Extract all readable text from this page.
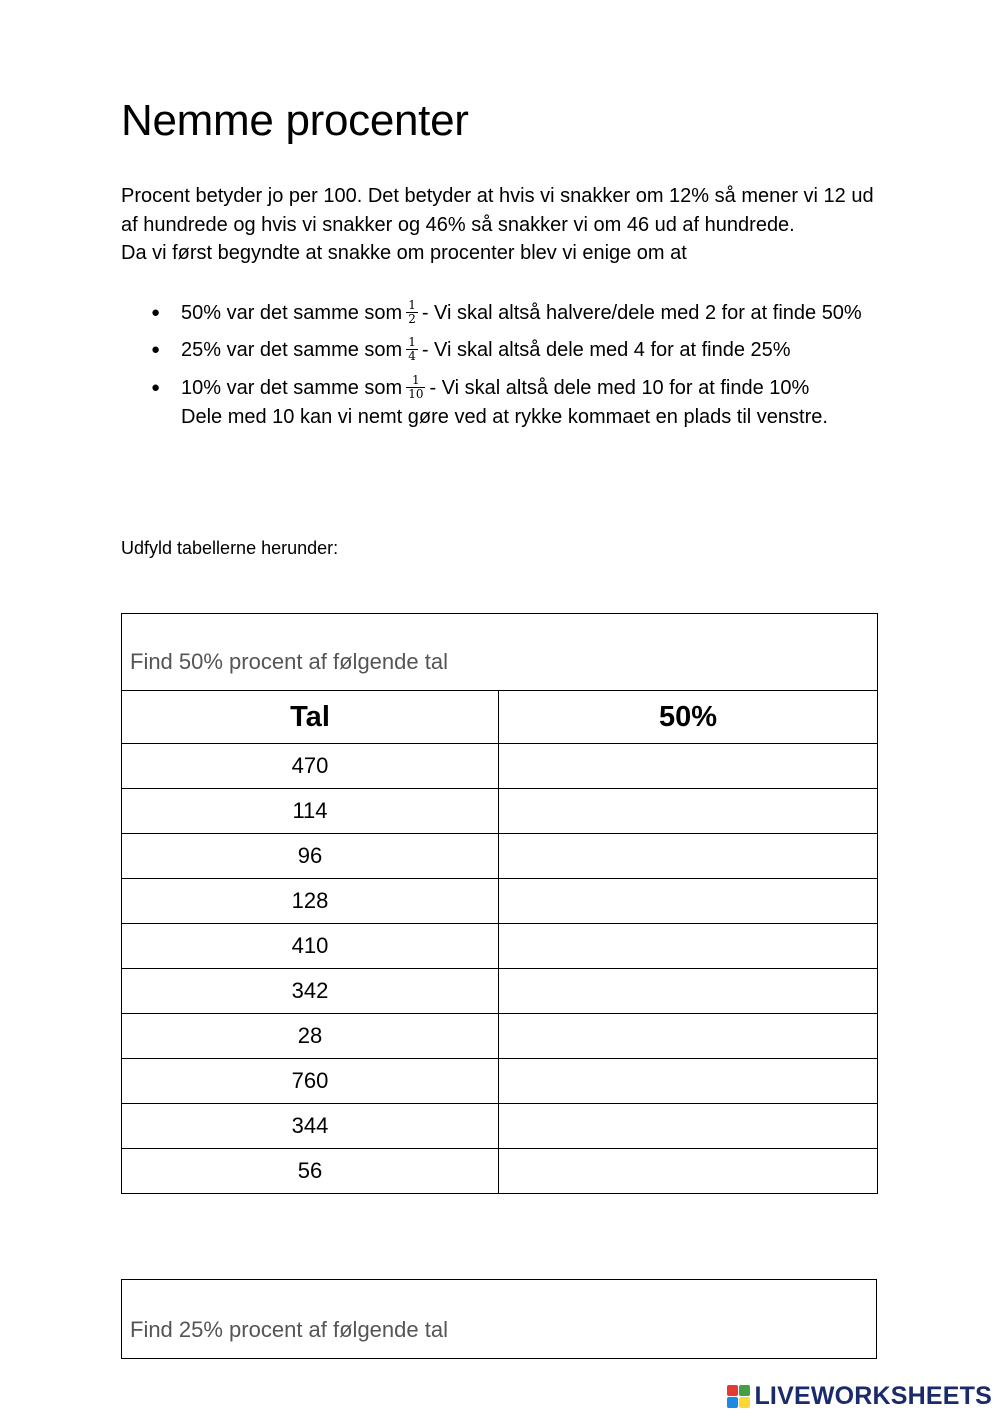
Nemme procenter

Procent betyder jo per 100. Det betyder at hvis vi snakker om 12% så mener vi 12 ud af hundrede og hvis vi snakker og 46% så snakker vi om 46 ud af hundrede.

Da vi først begyndte at snakke om procenter blev vi enige om at

● 50% var det samme som $\frac{1}{2}$ - Vi skal altså halvere/dele med 2 for at finde 50%
● 25% var det samme som $\frac{1}{4}$ - Vi skal altså dele med 4 for at finde 25%
● 10% var det samme som $\frac{1}{10}$ - Vi skal altså dele med 10 for at finde 10%
Dele med 10 kan vi nemt gøre ved at rykke kommaet en plads til venstre.
Udfyld tabellerne herunder:
Find 50% procent af følgende tal	

Tal	50%
470	
114	
96	
128	
410	
342	
28	
760	
344	
56	
Find 25% procent af følgende tal
LIVEWORKSHEETS
